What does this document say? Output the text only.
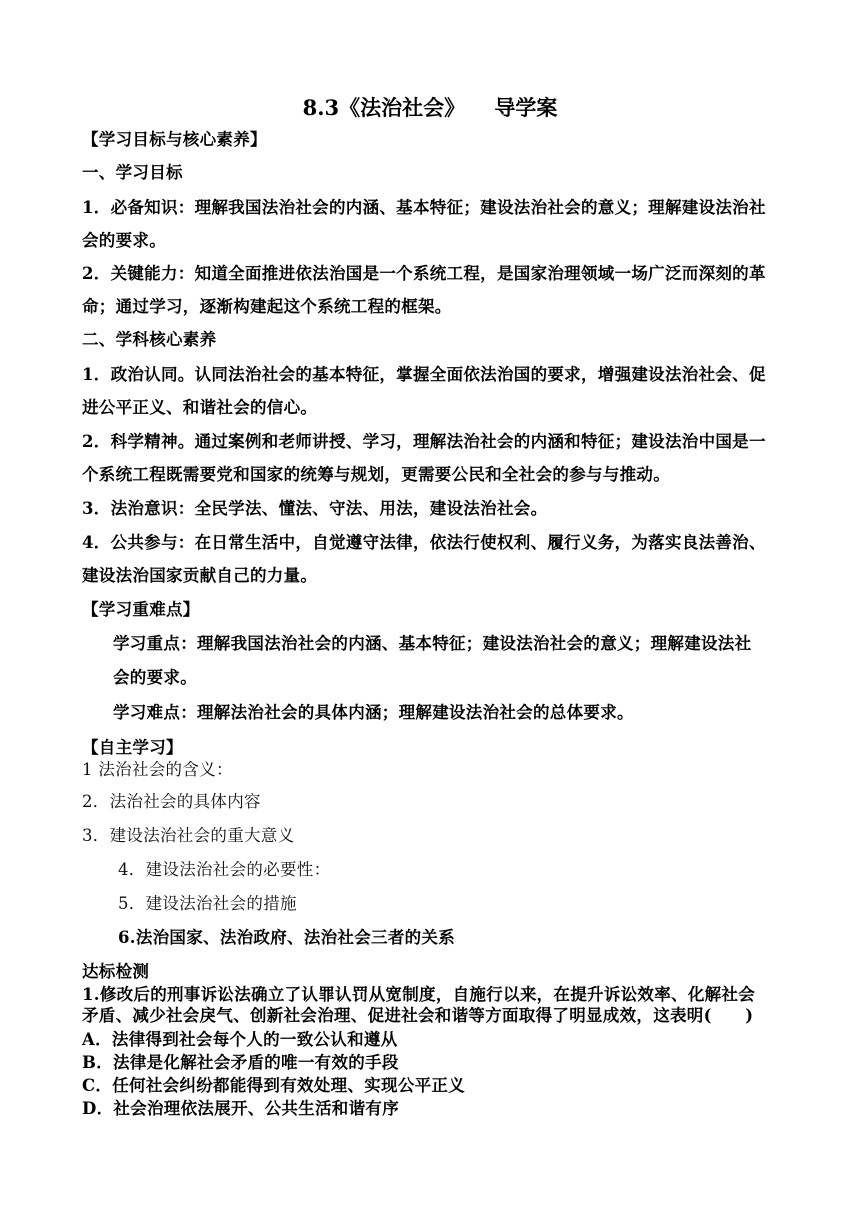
8.3《法治社会》    导学案
【学习目标与核心素养】
一、学习目标
1．必备知识：理解我国法治社会的内涵、基本特征；建设法治社会的意义；理解建设法治社
会的要求。
2．关键能力：知道全面推进依法治国是一个系统工程，是国家治理领域一场广泛而深刻的革
命；通过学习，逐渐构建起这个系统工程的框架。
二、学科核心素养
1．政治认同。认同法治社会的基本特征，掌握全面依法治国的要求，增强建设法治社会、促
进公平正义、和谐社会的信心。
2．科学精神。通过案例和老师讲授、学习，理解法治社会的内涵和特征；建设法治中国是一
个系统工程既需要党和国家的统筹与规划，更需要公民和全社会的参与与推动。
3．法治意识：全民学法、懂法、守法、用法，建设法治社会。
4．公共参与：在日常生活中，自觉遵守法律，依法行使权利、履行义务，为落实良法善治、
建设法治国家贡献自己的力量。
【学习重难点】
学习重点：理解我国法治社会的内涵、基本特征；建设法治社会的意义；理解建设法社
会的要求。
学习难点：理解法治社会的具体内涵；理解建设法治社会的总体要求。
【自主学习】
1 法治社会的含义：
2．法治社会的具体内容
3．建设法治社会的重大意义
4．建设法治社会的必要性：
5．建设法治社会的措施
6.法治国家、法治政府、法治社会三者的关系
达标检测
1.修改后的刑事诉讼法确立了认罪认罚从宽制度，自施行以来，在提升诉讼效率、化解社会
矛盾、减少社会戾气、创新社会治理、促进社会和谐等方面取得了明显成效，这表明(　　)
A．法律得到社会每个人的一致公认和遵从
B．法律是化解社会矛盾的唯一有效的手段
C．任何社会纠纷都能得到有效处理、实现公平正义
D．社会治理依法展开、公共生活和谐有序
